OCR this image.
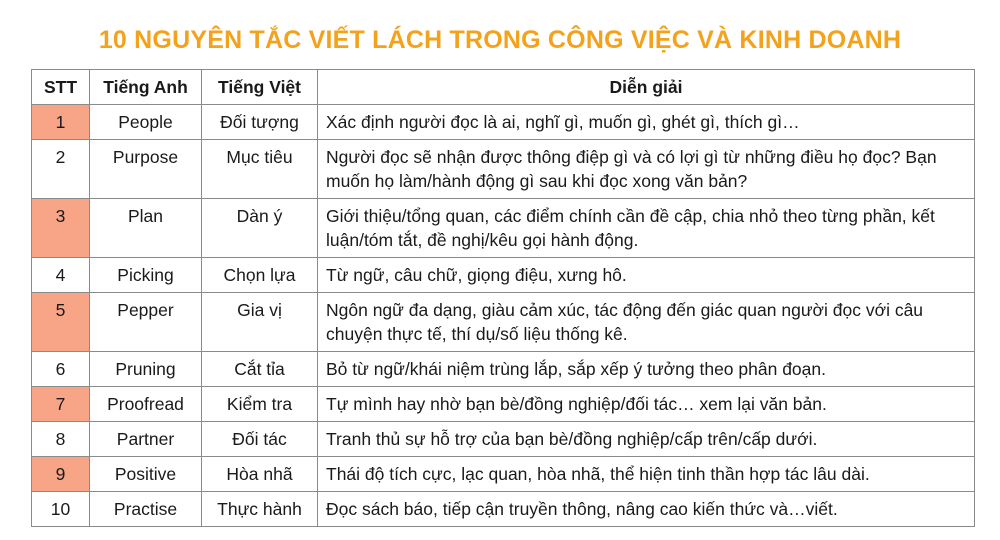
10 NGUYÊN TẮC VIẾT LÁCH TRONG CÔNG VIỆC VÀ KINH DOANH
STT	Tiếng Anh	Tiếng Việt	Diễn giải
1	People	Đối tượng	Xác định người đọc là ai, nghĩ gì, muốn gì, ghét gì, thích gì…
2	Purpose	Mục tiêu	Người đọc sẽ nhận được thông điệp gì và có lợi gì từ những điều họ đọc? Bạn muốn họ làm/hành động gì sau khi đọc xong văn bản?
3	Plan	Dàn ý	Giới thiệu/tổng quan, các điểm chính cần đề cập, chia nhỏ theo từng phần, kết luận/tóm tắt, đề nghị/kêu gọi hành động.
4	Picking	Chọn lựa	Từ ngữ, câu chữ, giọng điệu, xưng hô.
5	Pepper	Gia vị	Ngôn ngữ đa dạng, giàu cảm xúc, tác động đến giác quan người đọc với câu chuyện thực tế, thí dụ/số liệu thống kê.
6	Pruning	Cắt tỉa	Bỏ từ ngữ/khái niệm trùng lắp, sắp xếp ý tưởng theo phân đoạn.
7	Proofread	Kiểm tra	Tự mình hay nhờ bạn bè/đồng nghiệp/đối tác… xem lại văn bản.
8	Partner	Đối tác	Tranh thủ sự hỗ trợ của bạn bè/đồng nghiệp/cấp trên/cấp dưới.
9	Positive	Hòa nhã	Thái độ tích cực, lạc quan, hòa nhã, thể hiện tinh thần hợp tác lâu dài.
10	Practise	Thực hành	Đọc sách báo, tiếp cận truyền thông, nâng cao kiến thức và…viết.
